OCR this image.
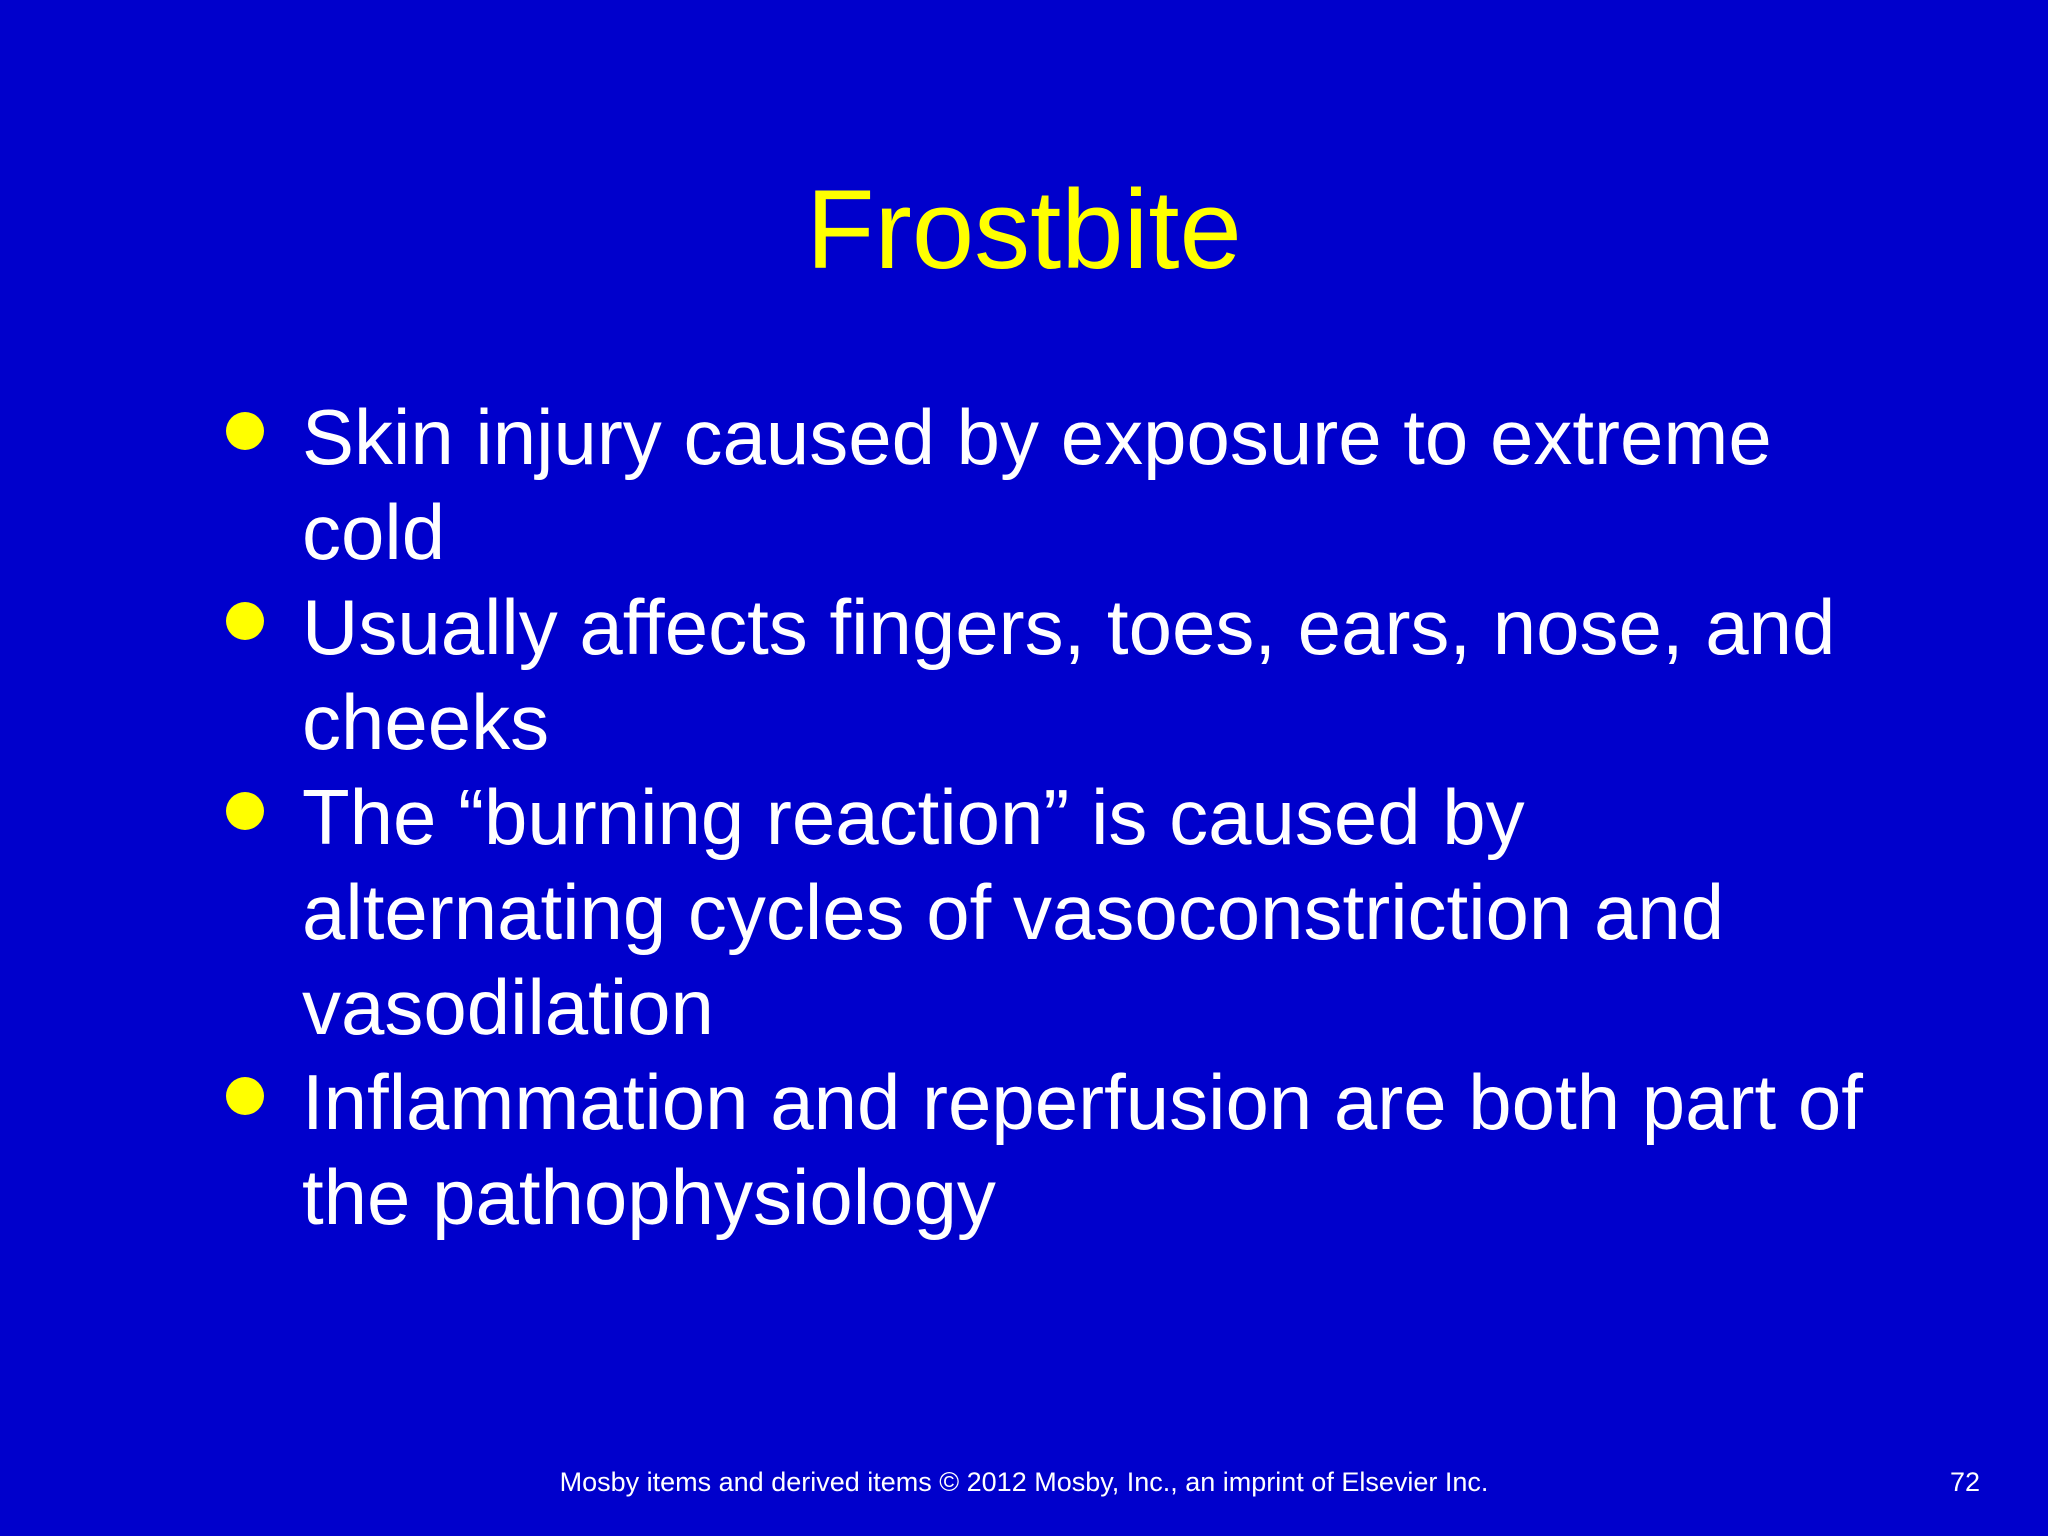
Frostbite
Skin injury caused by exposure to extreme cold
Usually affects fingers, toes, ears, nose, and cheeks
The “burning reaction” is caused by alternating cycles of vasoconstriction and vasodilation
Inflammation and reperfusion are both part of the pathophysiology
Mosby items and derived items © 2012 Mosby, Inc., an imprint of Elsevier Inc.	72
